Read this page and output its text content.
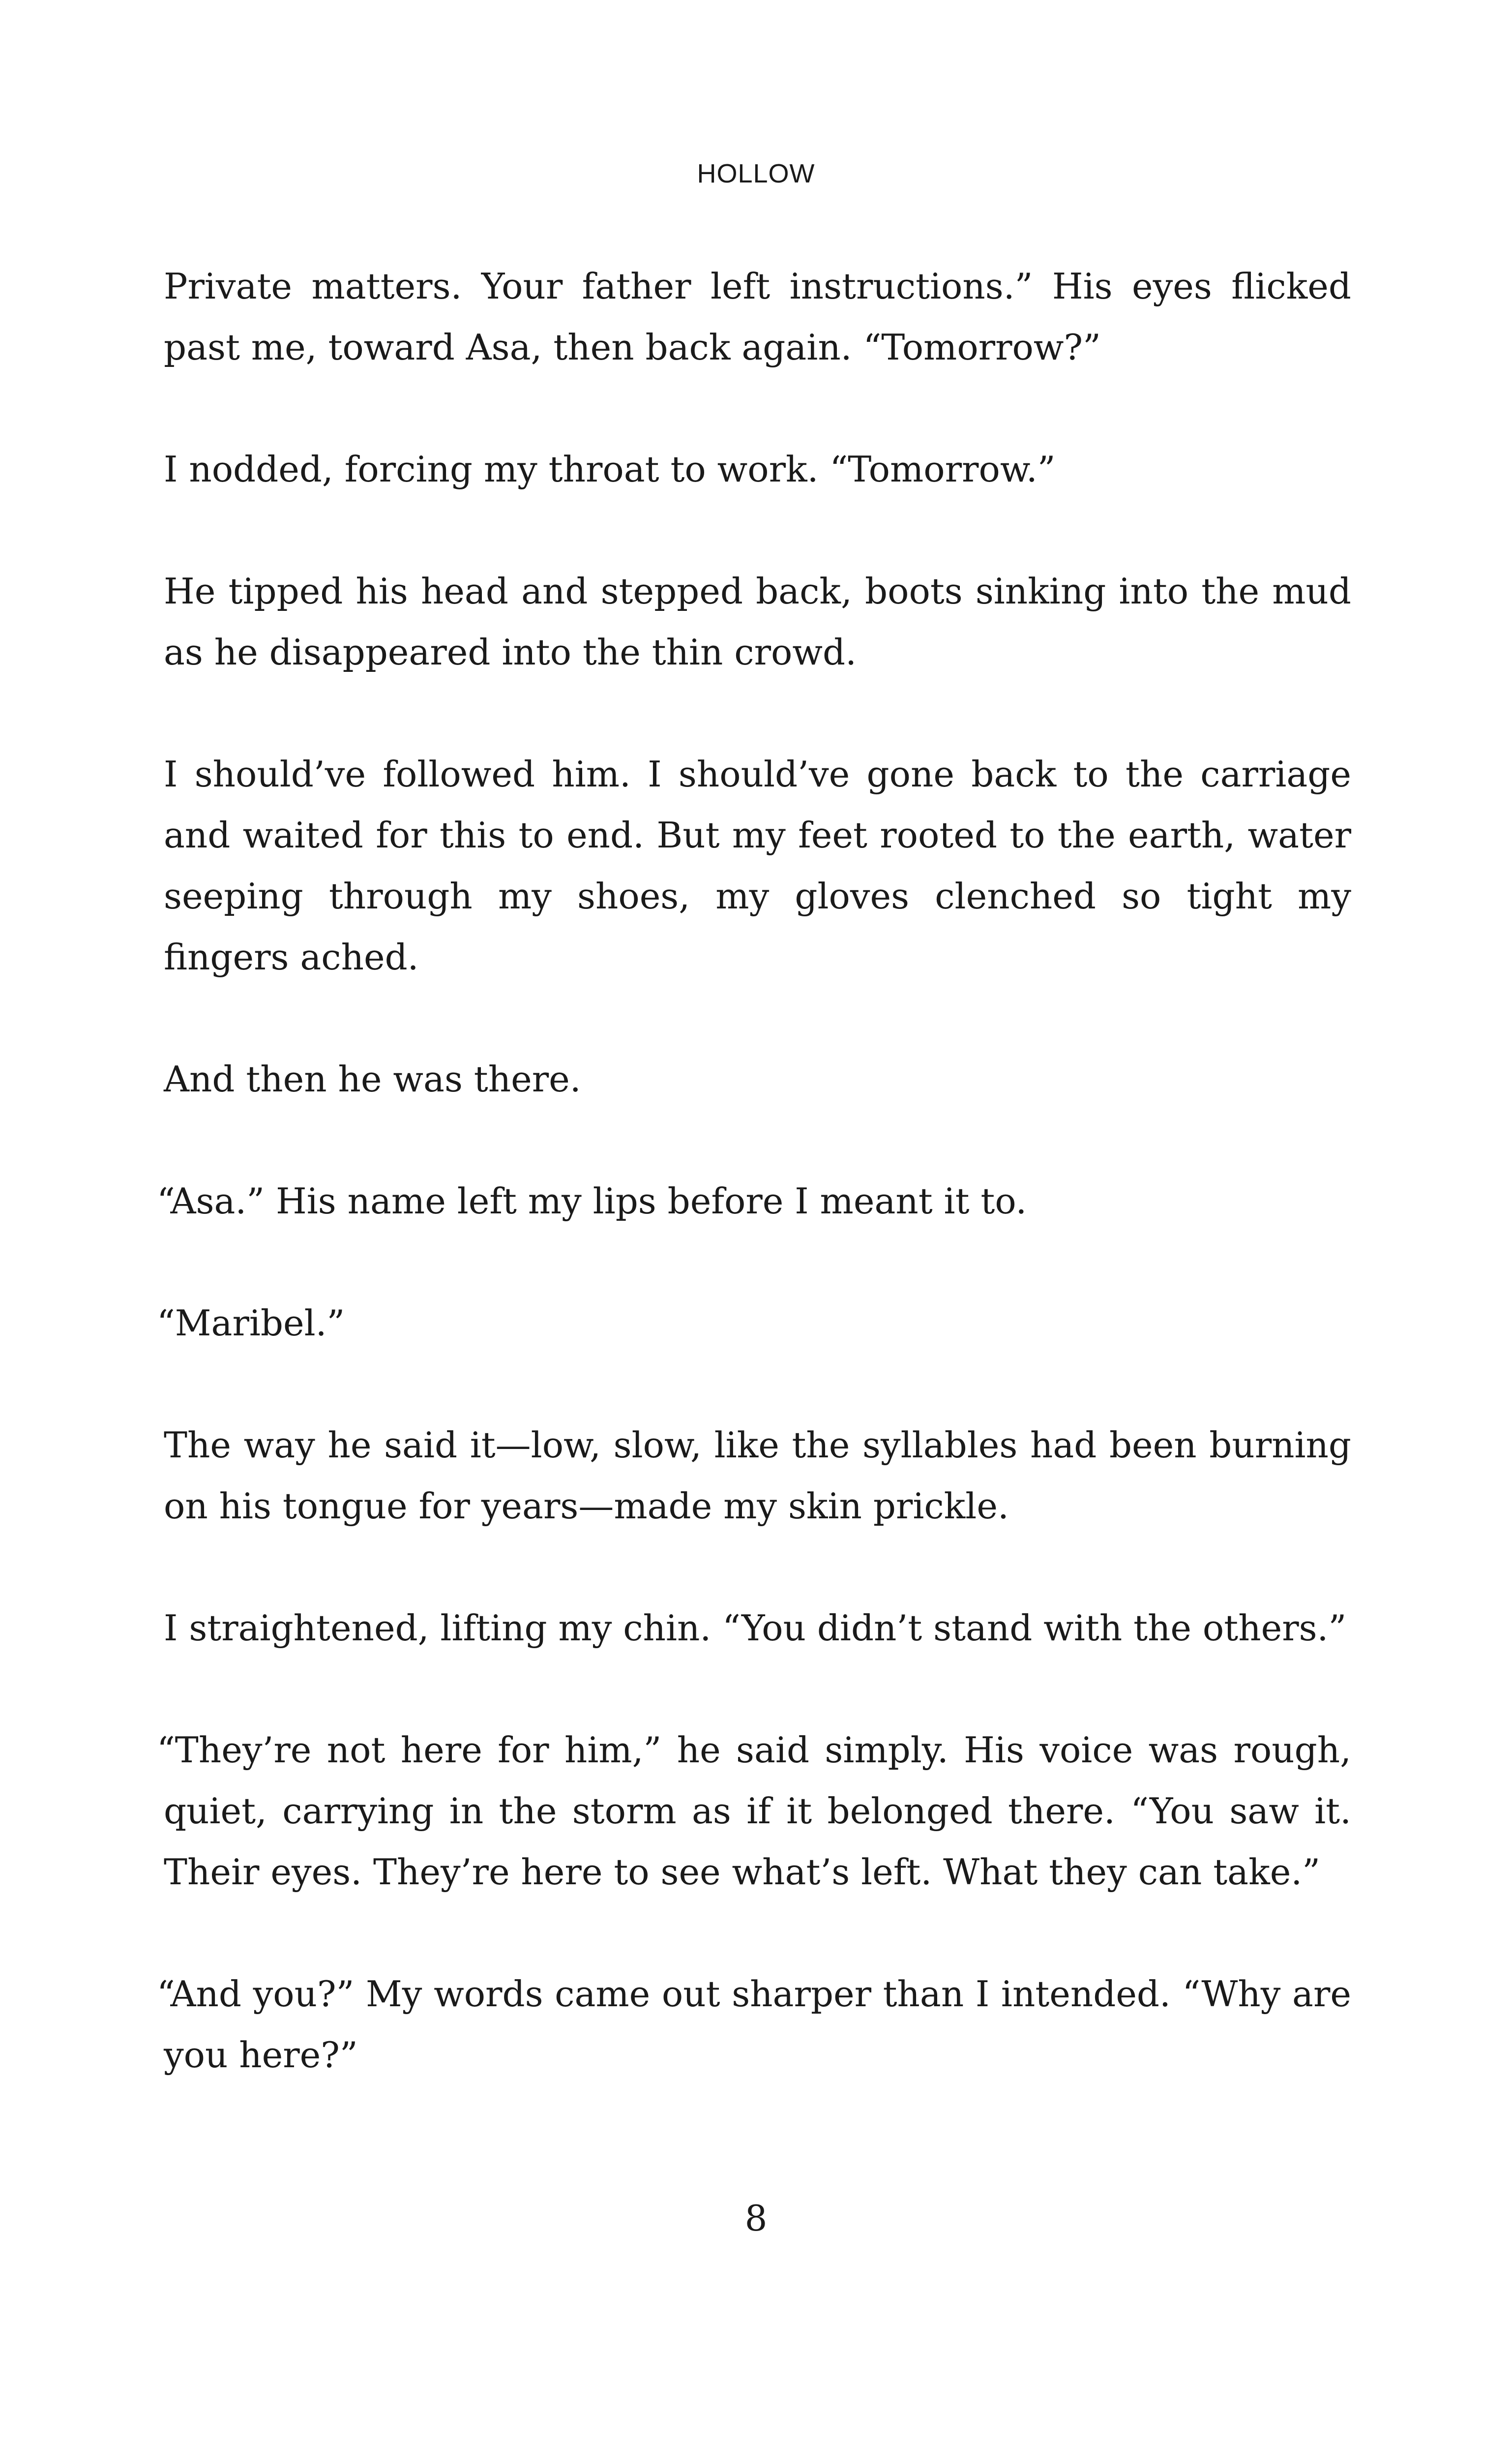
HOLLOW

Private matters. Your father left instructions.” His eyes flicked past me, toward Asa, then back again. “Tomorrow?”

I nodded, forcing my throat to work. “Tomorrow.”

He tipped his head and stepped back, boots sinking into the mud as he disappeared into the thin crowd.

I should’ve followed him. I should’ve gone back to the carriage and waited for this to end. But my feet rooted to the earth, water seeping through my shoes, my gloves clenched so tight my fingers ached.

And then he was there.

“Asa.” His name left my lips before I meant it to.

“Maribel.”

The way he said it—low, slow, like the syllables had been burning on his tongue for years—made my skin prickle.

I straightened, lifting my chin. “You didn’t stand with the others.”

“They’re not here for him,” he said simply. His voice was rough, quiet, carrying in the storm as if it belonged there. “You saw it. Their eyes. They’re here to see what’s left. What they can take.”

“And you?” My words came out sharper than I intended. “Why are you here?”

8
